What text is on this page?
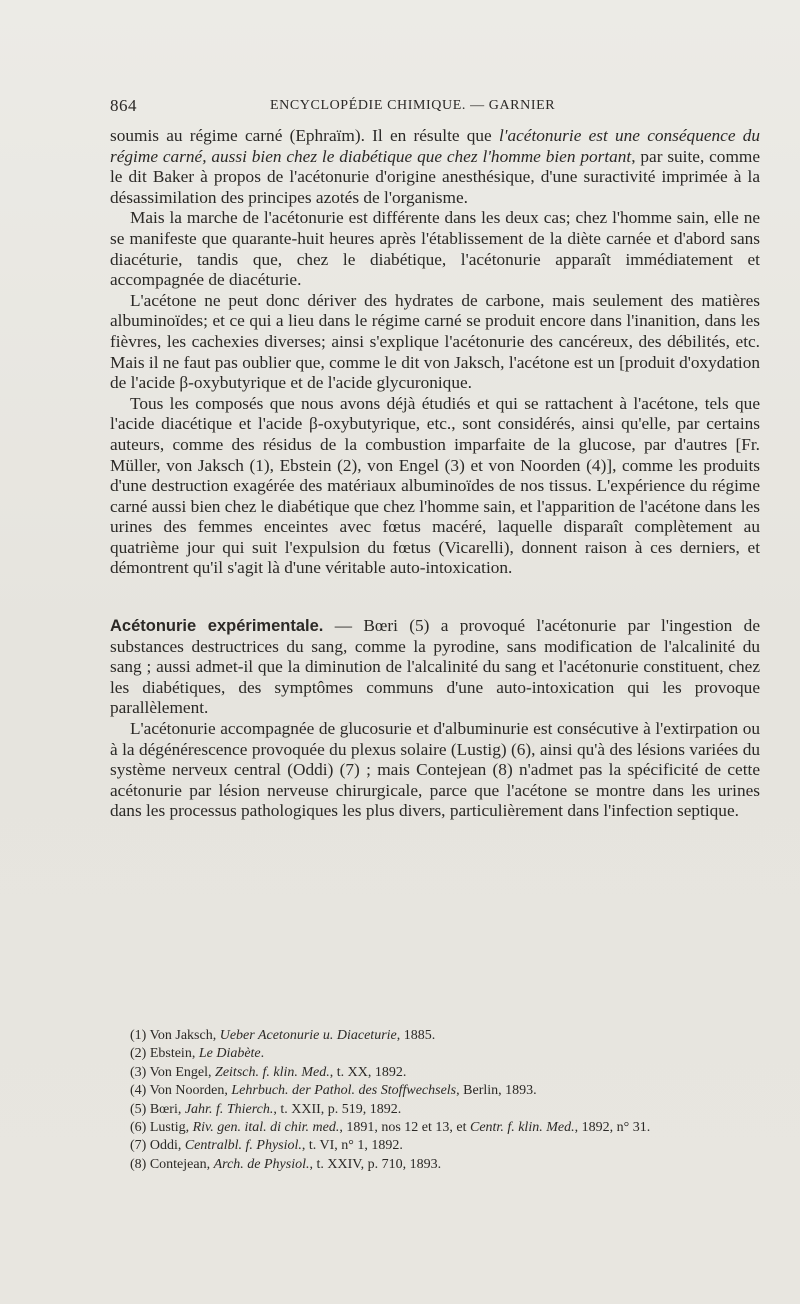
864	ENCYCLOPÉDIE CHIMIQUE. — GARNIER

soumis au régime carné (Ephraïm). Il en résulte que l'acétonurie est une conséquence du régime carné, aussi bien chez le diabétique que chez l'homme bien portant, par suite, comme le dit Baker à propos de l'acétonurie d'origine anesthésique, d'une suractivité imprimée à la désassimilation des principes azotés de l'organisme.

Mais la marche de l'acétonurie est différente dans les deux cas; chez l'homme sain, elle ne se manifeste que quarante-huit heures après l'établissement de la diète carnée et d'abord sans diacéturie, tandis que, chez le diabétique, l'acétonurie apparaît immédiatement et accompagnée de diacéturie.

L'acétone ne peut donc dériver des hydrates de carbone, mais seulement des matières albuminoïdes; et ce qui a lieu dans le régime carné se produit encore dans l'inanition, dans les fièvres, les cachexies diverses; ainsi s'explique l'acétonurie des cancéreux, des débilités, etc. Mais il ne faut pas oublier que, comme le dit von Jaksch, l'acétone est un [produit d'oxydation de l'acide β-oxybutyrique et de l'acide glycuronique.

Tous les composés que nous avons déjà étudiés et qui se rattachent à l'acétone, tels que l'acide diacétique et l'acide β-oxybutyrique, etc., sont considérés, ainsi qu'elle, par certains auteurs, comme des résidus de la combustion imparfaite de la glucose, par d'autres [Fr. Müller, von Jaksch (1), Ebstein (2), von Engel (3) et von Noorden (4)], comme les produits d'une destruction exagérée des matériaux albuminoïdes de nos tissus. L'expérience du régime carné aussi bien chez le diabétique que chez l'homme sain, et l'apparition de l'acétone dans les urines des femmes enceintes avec fœtus macéré, laquelle disparaît complètement au quatrième jour qui suit l'expulsion du fœtus (Vicarelli), donnent raison à ces derniers, et démontrent qu'il s'agit là d'une véritable auto-intoxication.

Acétonurie expérimentale. — Bœri (5) a provoqué l'acétonurie par l'ingestion de substances destructrices du sang, comme la pyrodine, sans modification de l'alcalinité du sang ; aussi admet-il que la diminution de l'alcalinité du sang et l'acétonurie constituent, chez les diabétiques, des symptômes communs d'une auto-intoxication qui les provoque parallèlement.

L'acétonurie accompagnée de glucosurie et d'albuminurie est consécutive à l'extirpation ou à la dégénérescence provoquée du plexus solaire (Lustig) (6), ainsi qu'à des lésions variées du système nerveux central (Oddi) (7) ; mais Contejean (8) n'admet pas la spécificité de cette acétonurie par lésion nerveuse chirurgicale, parce que l'acétone se montre dans les urines dans les processus pathologiques les plus divers, particulièrement dans l'infection septique.

(1) Von Jaksch, Ueber Acetonurie u. Diaceturie, 1885.

(2) Ebstein, Le Diabète.

(3) Von Engel, Zeitsch. f. klin. Med., t. XX, 1892.

(4) Von Noorden, Lehrbuch. der Pathol. des Stoffwechsels, Berlin, 1893.

(5) Bœri, Jahr. f. Thierch., t. XXII, p. 519, 1892.

(6) Lustig, Riv. gen. ital. di chir. med., 1891, nos 12 et 13, et Centr. f. klin. Med., 1892, n° 31.

(7) Oddi, Centralbl. f. Physiol., t. VI, n° 1, 1892.

(8) Contejean, Arch. de Physiol., t. XXIV, p. 710, 1893.
